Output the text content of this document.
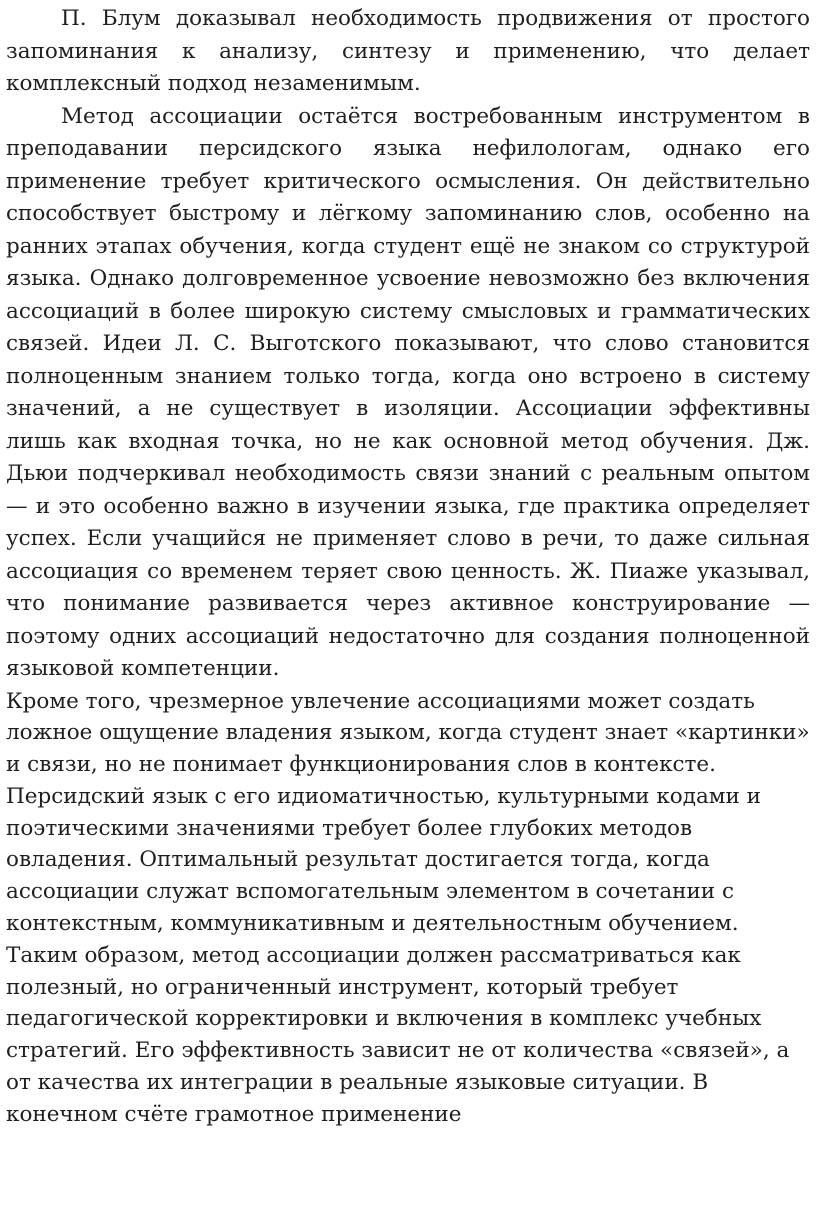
П. Блум доказывал необходимость продвижения от простого запоминания к анализу, синтезу и применению, что делает комплексный подход незаменимым.

Метод ассоциации остаётся востребованным инструментом в преподавании персидского языка нефилологам, однако его применение требует критического осмысления. Он действительно способствует быстрому и лёгкому запоминанию слов, особенно на ранних этапах обучения, когда студент ещё не знаком со структурой языка. Однако долговременное усвоение невозможно без включения ассоциаций в более широкую систему смысловых и грамматических связей. Идеи Л. С. Выготского показывают, что слово становится полноценным знанием только тогда, когда оно встроено в систему значений, а не существует в изоляции. Ассоциации эффективны лишь как входная точка, но не как основной метод обучения. Дж. Дьюи подчеркивал необходимость связи знаний с реальным опытом — и это особенно важно в изучении языка, где практика определяет успех. Если учащийся не применяет слово в речи, то даже сильная ассоциация со временем теряет свою ценность. Ж. Пиаже указывал, что понимание развивается через активное конструирование — поэтому одних ассоциаций недостаточно для создания полноценной языковой компетенции.

Кроме того, чрезмерное увлечение ассоциациями может создать ложное ощущение владения языком, когда студент знает «картинки» и связи, но не понимает функционирования слов в контексте. Персидский язык с его идиоматичностью, культурными кодами и поэтическими значениями требует более глубоких методов овладения. Оптимальный результат достигается тогда, когда ассоциации служат вспомогательным элементом в сочетании с контекстным, коммуникативным и деятельностным обучением. Таким образом, метод ассоциации должен рассматриваться как полезный, но ограниченный инструмент, который требует педагогической корректировки и включения в комплекс учебных стратегий. Его эффективность зависит не от количества «связей», а от качества их интеграции в реальные языковые ситуации. В конечном счёте грамотное применение
